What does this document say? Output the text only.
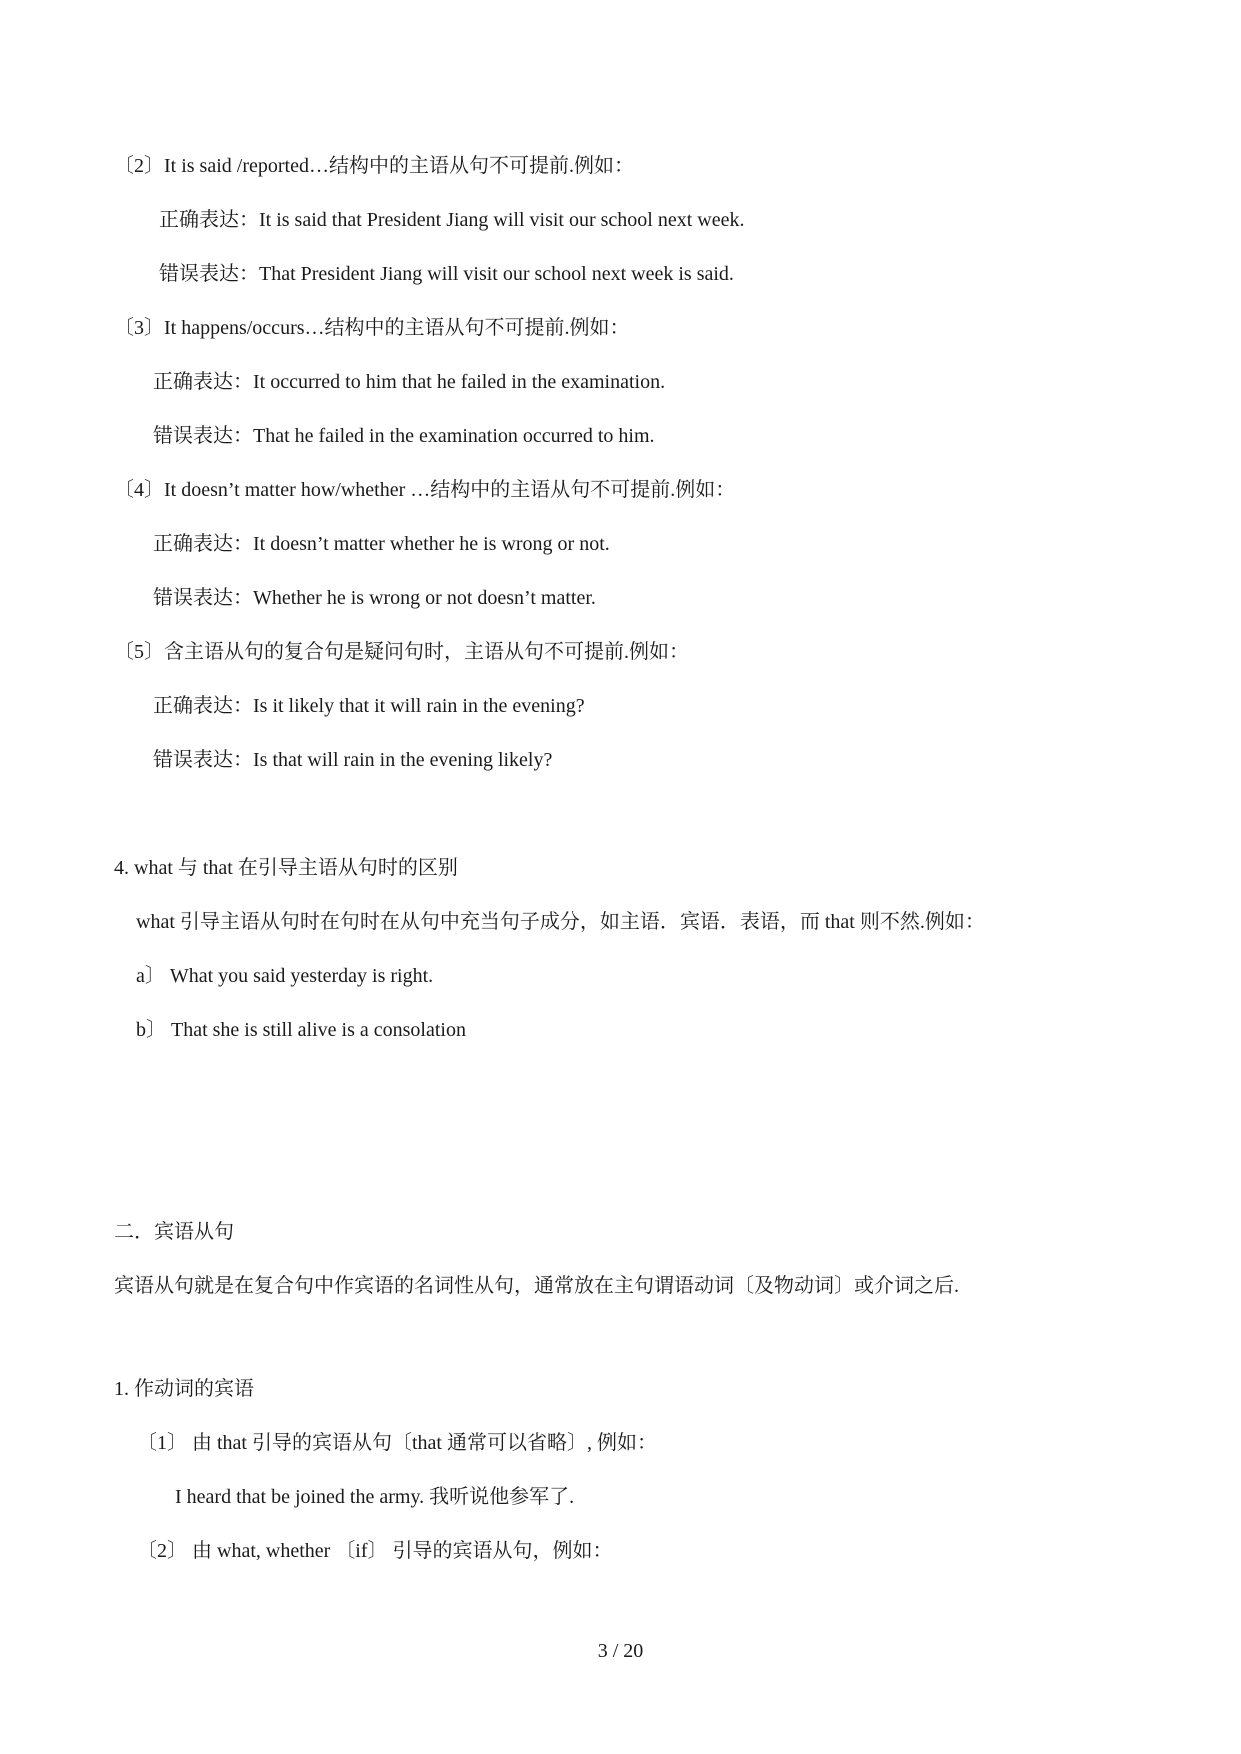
〔2〕It is said /reported…结构中的主语从句不可提前.例如：
正确表达：It is said that President Jiang will visit our school next week.
错误表达：That President Jiang will visit our school next week is said.
〔3〕It happens/occurs…结构中的主语从句不可提前.例如：
正确表达：It occurred to him that he failed in the examination.
错误表达：That he failed in the examination occurred to him.
〔4〕It doesn’t matter how/whether …结构中的主语从句不可提前.例如：
正确表达：It doesn’t matter whether he is wrong or not.
错误表达：Whether he is wrong or not doesn’t matter.
〔5〕含主语从句的复合句是疑问句时，主语从句不可提前.例如：
正确表达：Is it likely that it will rain in the evening?
错误表达：Is that will rain in the evening likely?
4. what 与 that 在引导主语从句时的区别
what 引导主语从句时在句时在从句中充当句子成分，如主语．宾语．表语，而 that 则不然.例如：
a〕 What you said yesterday is right.
b〕 That she is still alive is a consolation
二．宾语从句
宾语从句就是在复合句中作宾语的名词性从句，通常放在主句谓语动词〔及物动词〕或介词之后.
1. 作动词的宾语
〔1〕 由 that 引导的宾语从句〔that 通常可以省略〕, 例如：
I heard that be joined the army. 我听说他参军了.
〔2〕 由 what, whether 〔if〕 引导的宾语从句，例如：
3 / 20
